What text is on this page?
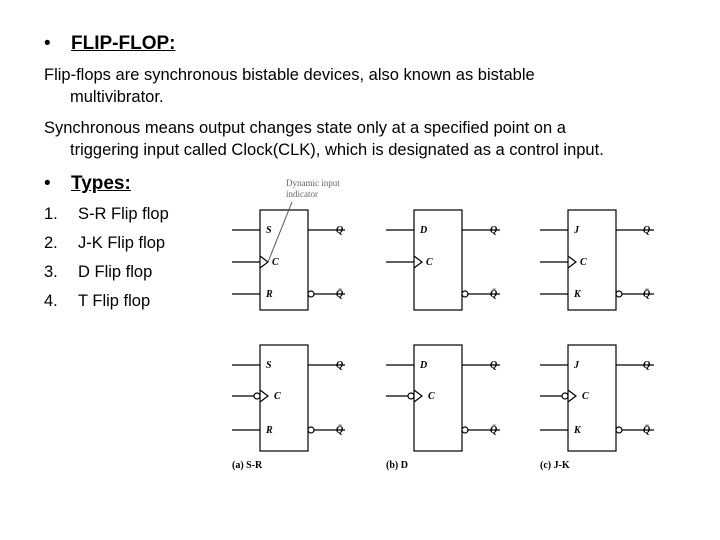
• FLIP-FLOP:
Flip-flops are synchronous bistable devices, also known as bistable
multivibrator.
Synchronous means output changes state only at a specified point on a
triggering input called Clock(CLK), which is designated as a control input.
• Types:
1.	S-R Flip flop
2.	J-K Flip flop
3.	D Flip flop
4.	T Flip flop
Dynamic input
indicator
S
C
R
Q
Q̄
D
C
Q
Q̄
J
C
K
Q
Q̄
S
C
R
Q
Q̄
D
C
Q
Q̄
J
C
K
Q
Q̄
(a) S-R	(b) D	(c) J-K
